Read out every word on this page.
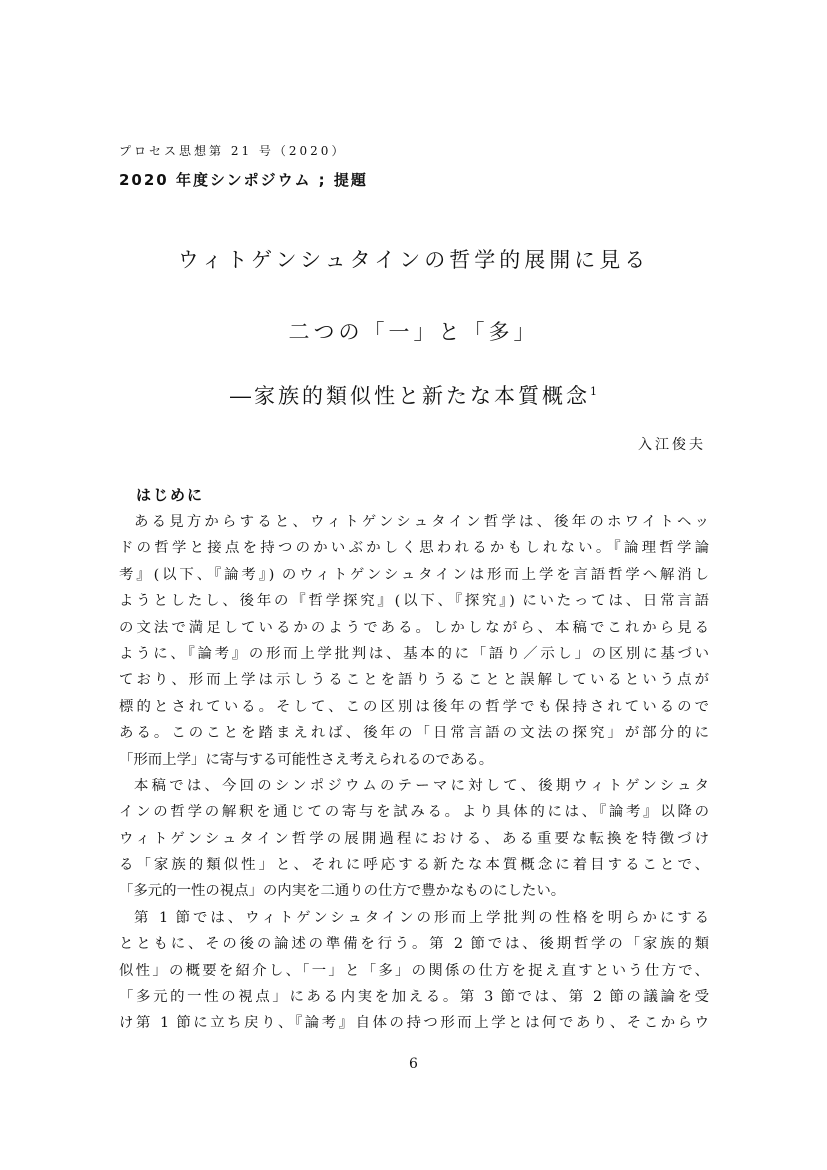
プロセス思想第 21 号（2020）
2020 年度シンポジウム ; 提題
ウィトゲンシュタインの哲学的展開に見る
二つの「一」と「多」
―家族的類似性と新たな本質概念$^1$
入江俊夫
はじめに
ある見方からすると、ウィトゲンシュタイン哲学は、後年のホワイトヘッ
ドの哲学と接点を持つのかいぶかしく思われるかもしれない。『論理哲学論
考』(以下、『論考』) のウィトゲンシュタインは形而上学を言語哲学へ解消し
ようとしたし、後年の『哲学探究』(以下、『探究』) にいたっては、日常言語
の文法で満足しているかのようである。しかしながら、本稿でこれから見る
ように、『論考』の形而上学批判は、基本的に「語り／示し」の区別に基づい
ており、形而上学は示しうることを語りうることと誤解しているという点が
標的とされている。そして、この区別は後年の哲学でも保持されているので
ある。このことを踏まえれば、後年の「日常言語の文法の探究」が部分的に
「形而上学」に寄与する可能性さえ考えられるのである。
本稿では、今回のシンポジウムのテーマに対して、後期ウィトゲンシュタ
インの哲学の解釈を通じての寄与を試みる。より具体的には、『論考』以降の
ウィトゲンシュタイン哲学の展開過程における、ある重要な転換を特徴づけ
る「家族的類似性」と、それに呼応する新たな本質概念に着目することで、
「多元的一性の視点」の内実を二通りの仕方で豊かなものにしたい。
第 1 節では、ウィトゲンシュタインの形而上学批判の性格を明らかにする
とともに、その後の論述の準備を行う。第 2 節では、後期哲学の「家族的類
似性」の概要を紹介し、「一」と「多」の関係の仕方を捉え直すという仕方で、
「多元的一性の視点」にある内実を加える。第 3 節では、第 2 節の議論を受
け第 1 節に立ち戻り、『論考』自体の持つ形而上学とは何であり、そこからウ
6
